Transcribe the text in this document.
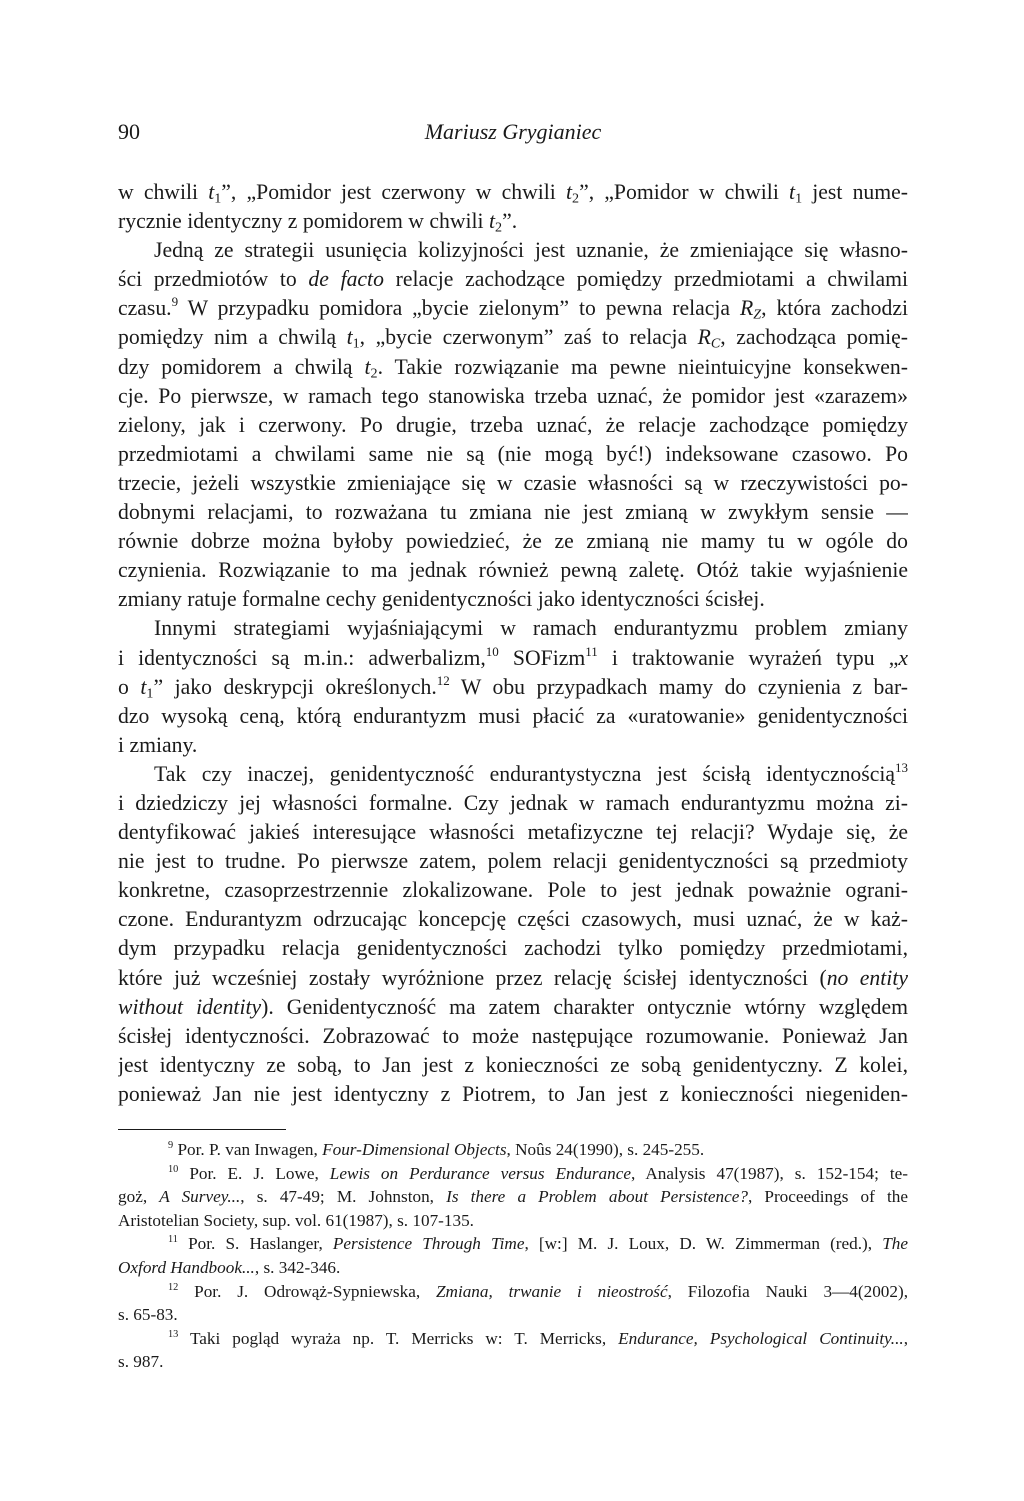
90	Mariusz Grygianiec

w chwili $t_1$”, „Pomidor jest czerwony w chwili $t_2$”, „Pomidor w chwili $t_1$ jest nume-
rycznie identyczny z pomidorem w chwili $t_2$”.

Jedną ze strategii usunięcia kolizyjności jest uznanie, że zmieniające się własno-
ści przedmiotów to de facto relacje zachodzące pomiędzy przedmiotami a chwilami
czasu.$^9$ W przypadku pomidora „bycie zielonym” to pewna relacja $R_Z$, która zachodzi
pomiędzy nim a chwilą $t_1$, „bycie czerwonym” zaś to relacja $R_C$, zachodząca pomię-
dzy pomidorem a chwilą $t_2$. Takie rozwiązanie ma pewne nieintuicyjne konsekwen-
cje. Po pierwsze, w ramach tego stanowiska trzeba uznać, że pomidor jest «zarazem»
zielony, jak i czerwony. Po drugie, trzeba uznać, że relacje zachodzące pomiędzy
przedmiotami a chwilami same nie są (nie mogą być!) indeksowane czasowo. Po
trzecie, jeżeli wszystkie zmieniające się w czasie własności są w rzeczywistości po-
dobnymi relacjami, to rozważana tu zmiana nie jest zmianą w zwykłym sensie —
równie dobrze można byłoby powiedzieć, że ze zmianą nie mamy tu w ogóle do
czynienia. Rozwiązanie to ma jednak również pewną zaletę. Otóż takie wyjaśnienie
zmiany ratuje formalne cechy genidentyczności jako identyczności ścisłej.

Innymi strategiami wyjaśniającymi w ramach endurantyzmu problem zmiany
i identyczności są m.in.: adwerbalizm,$^{10}$ SOFizm$^{11}$ i traktowanie wyrażeń typu „x
o $t_1$” jako deskrypcji określonych.$^{12}$ W obu przypadkach mamy do czynienia z bar-
dzo wysoką ceną, którą endurantyzm musi płacić za «uratowanie» genidentyczności
i zmiany.

Tak czy inaczej, genidentyczność endurantystyczna jest ścisłą identycznością$^{13}$
i dziedziczy jej własności formalne. Czy jednak w ramach endurantyzmu można zi-
dentyfikować jakieś interesujące własności metafizyczne tej relacji? Wydaje się, że
nie jest to trudne. Po pierwsze zatem, polem relacji genidentyczności są przedmioty
konkretne, czasoprzestrzennie zlokalizowane. Pole to jest jednak poważnie ograni-
czone. Endurantyzm odrzucając koncepcję części czasowych, musi uznać, że w każ-
dym przypadku relacja genidentyczności zachodzi tylko pomiędzy przedmiotami,
które już wcześniej zostały wyróżnione przez relację ścisłej identyczności (no entity
without identity). Genidentyczność ma zatem charakter ontycznie wtórny względem
ścisłej identyczności. Zobrazować to może następujące rozumowanie. Ponieważ Jan
jest identyczny ze sobą, to Jan jest z konieczności ze sobą genidentyczny. Z kolei,
ponieważ Jan nie jest identyczny z Piotrem, to Jan jest z konieczności niegeniden-

$^9$ Por. P. van Inwagen, Four-Dimensional Objects, Noûs 24(1990), s. 245-255.

$^{10}$ Por. E. J. Lowe, Lewis on Perdurance versus Endurance, Analysis 47(1987), s. 152-154; te-
goż, A Survey..., s. 47-49; M. Johnston, Is there a Problem about Persistence?, Proceedings of the
Aristotelian Society, sup. vol. 61(1987), s. 107-135.

$^{11}$ Por. S. Haslanger, Persistence Through Time, [w:] M. J. Loux, D. W. Zimmerman (red.), The
Oxford Handbook..., s. 342-346.

$^{12}$ Por. J. Odrowąż-Sypniewska, Zmiana, trwanie i nieostrość, Filozofia Nauki 3—4(2002),
s. 65-83.

$^{13}$ Taki pogląd wyraża np. T. Merricks w: T. Merricks, Endurance, Psychological Continuity...,
s. 987.
